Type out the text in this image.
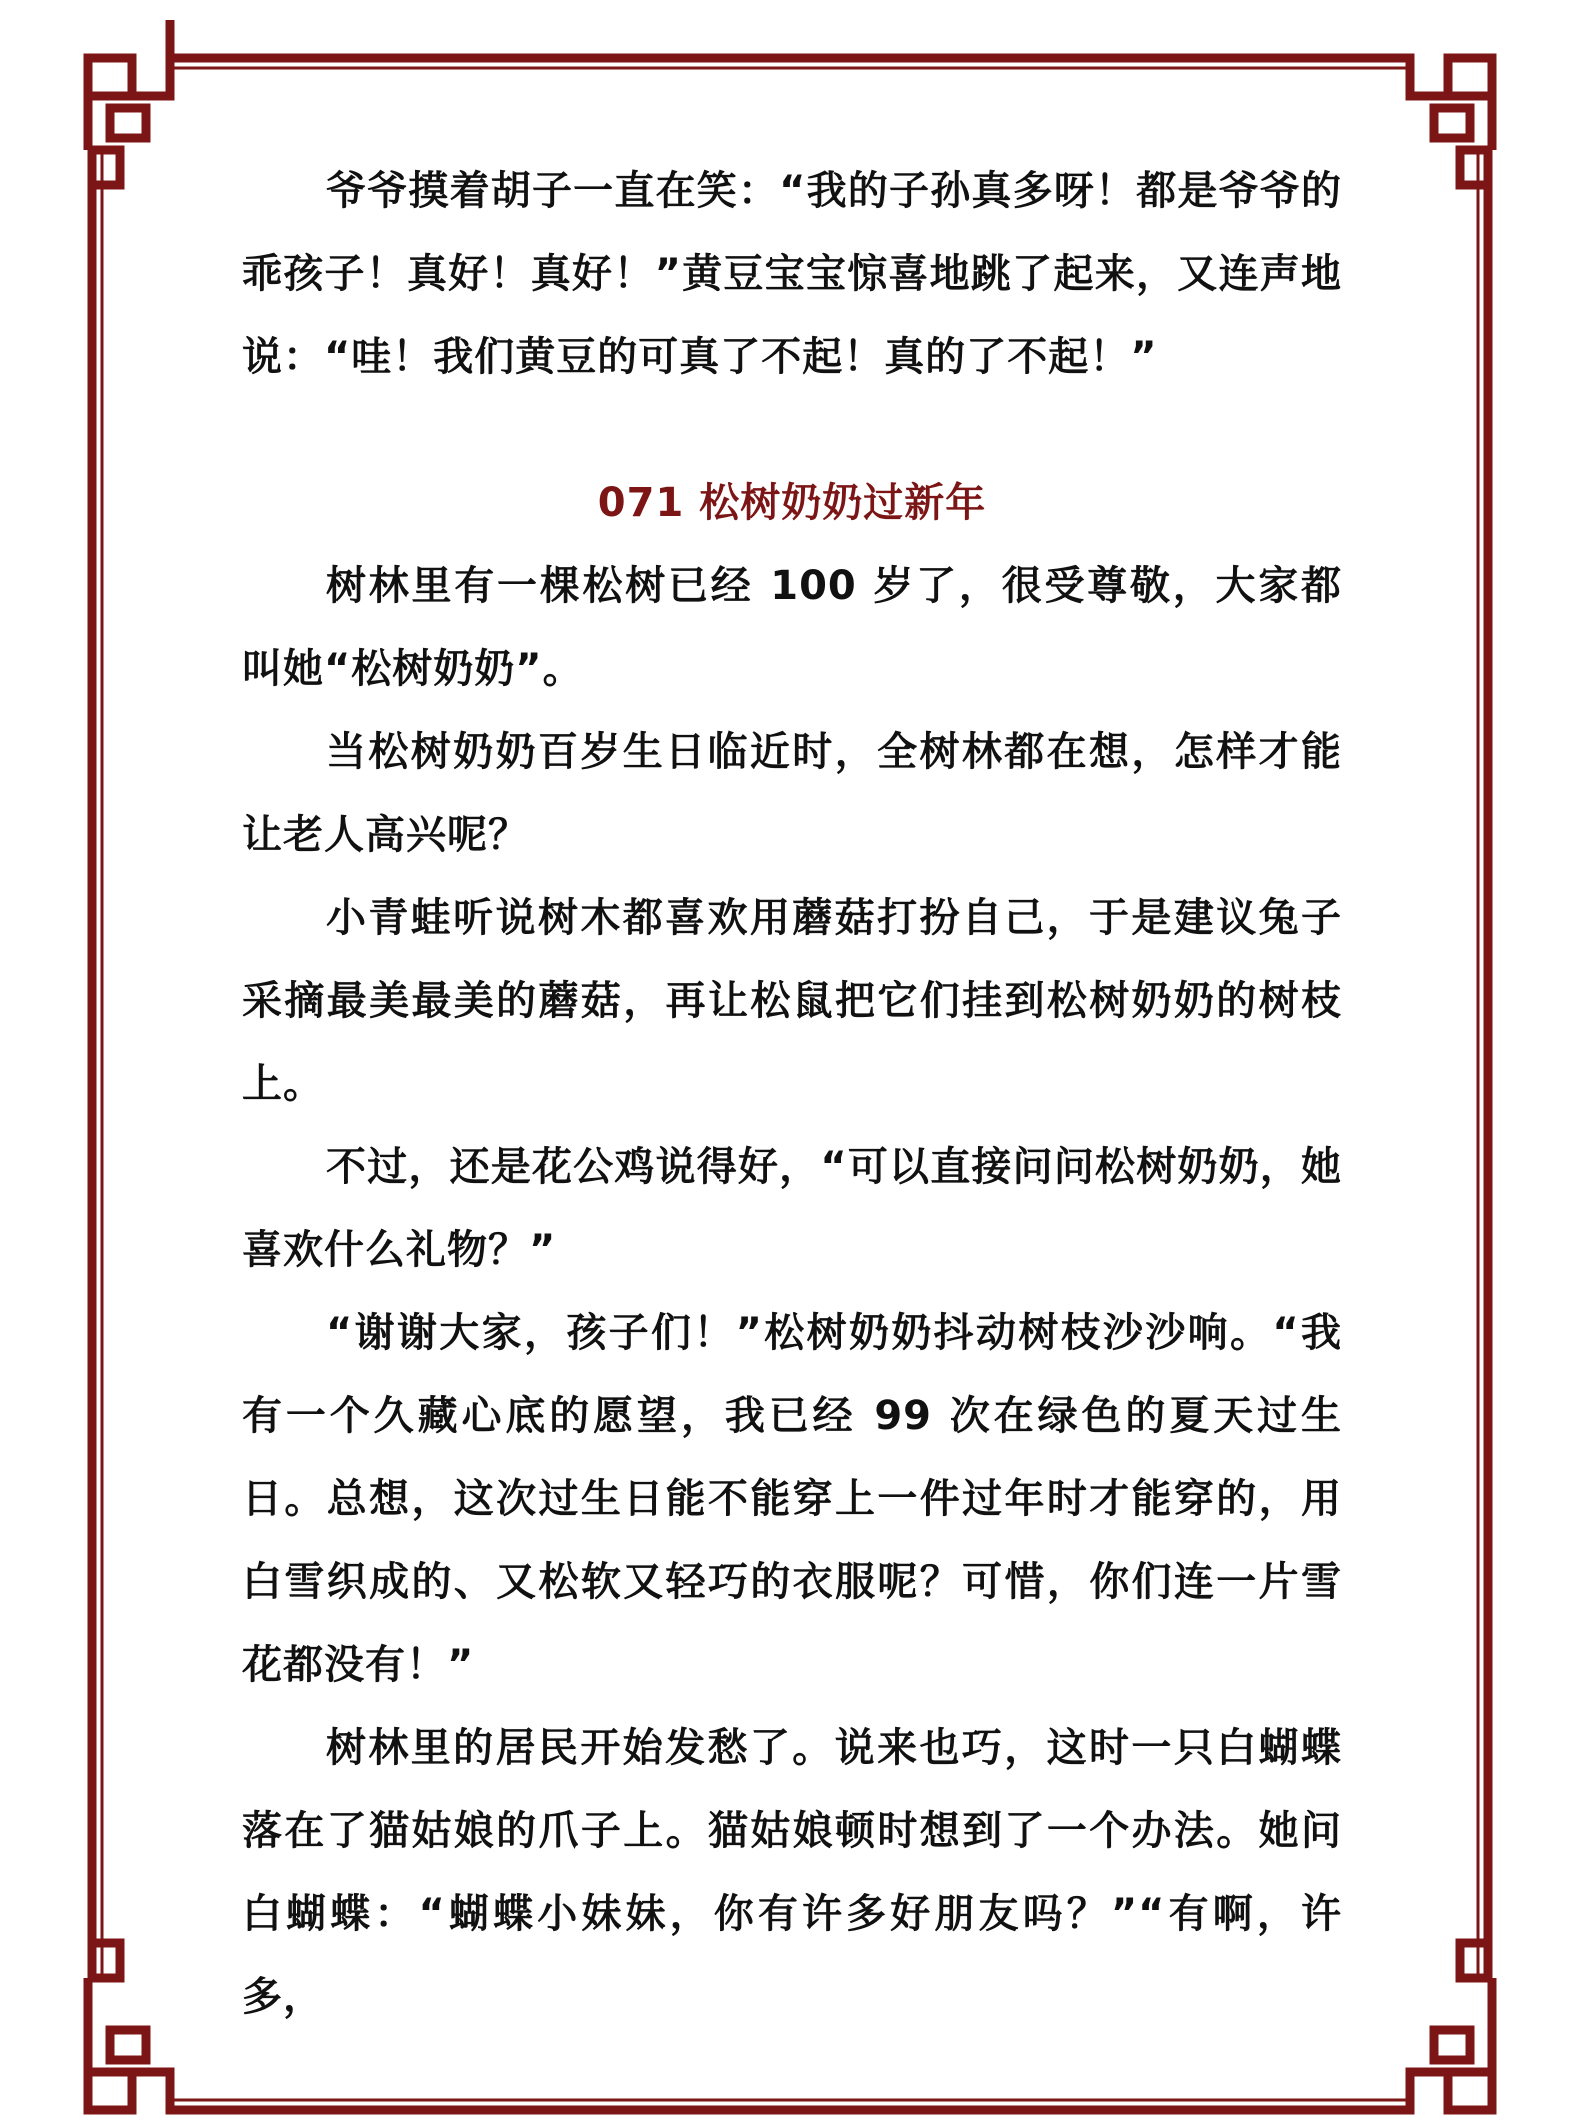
爷爷摸着胡子一直在笑：“我的子孙真多呀！都是爷爷的乖孩子！真好！真好！”黄豆宝宝惊喜地跳了起来，又连声地说：“哇！我们黄豆的可真了不起！真的了不起！”

071 松树奶奶过新年

树林里有一棵松树已经 100 岁了，很受尊敬，大家都叫她“松树奶奶”。

当松树奶奶百岁生日临近时，全树林都在想，怎样才能让老人高兴呢？

小青蛙听说树木都喜欢用蘑菇打扮自己，于是建议兔子采摘最美最美的蘑菇，再让松鼠把它们挂到松树奶奶的树枝上。

不过，还是花公鸡说得好，“可以直接问问松树奶奶，她喜欢什么礼物？”

“谢谢大家，孩子们！”松树奶奶抖动树枝沙沙响。“我有一个久藏心底的愿望，我已经 99 次在绿色的夏天过生日。总想，这次过生日能不能穿上一件过年时才能穿的，用白雪织成的、又松软又轻巧的衣服呢？可惜，你们连一片雪花都没有！”

树林里的居民开始发愁了。说来也巧，这时一只白蝴蝶落在了猫姑娘的爪子上。猫姑娘顿时想到了一个办法。她问白蝴蝶：“蝴蝶小妹妹，你有许多好朋友吗？”“有啊，许多，
